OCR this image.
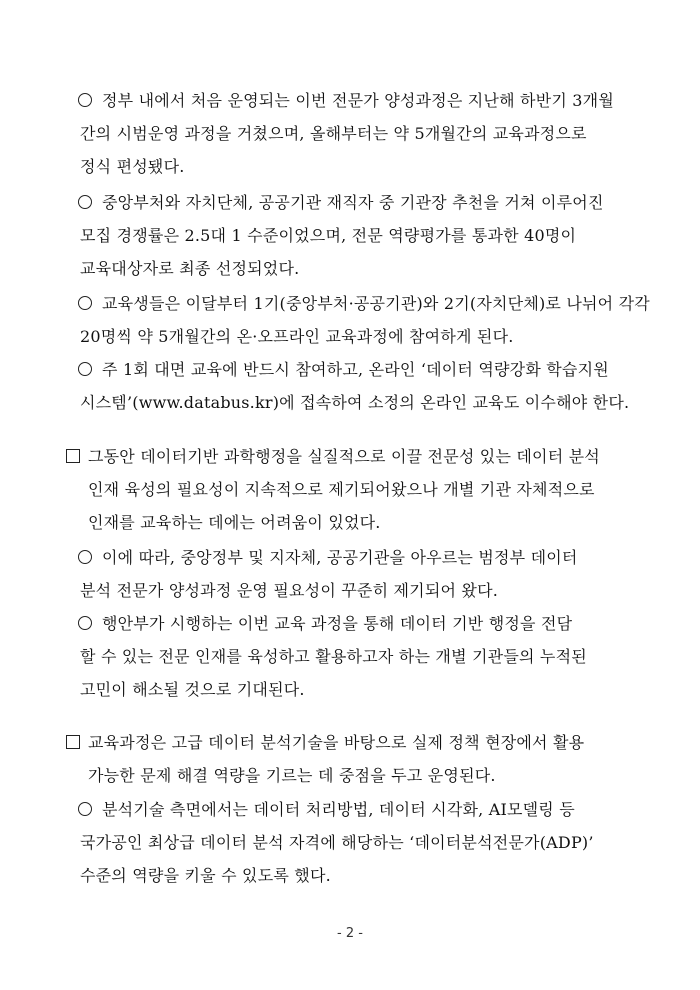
정부 내에서 처음 운영되는 이번 전문가 양성과정은 지난해 하반기 3개월
간의 시범운영 과정을 거쳤으며, 올해부터는 약 5개월간의 교육과정으로
정식 편성됐다.
중앙부처와 자치단체, 공공기관 재직자 중 기관장 추천을 거쳐 이루어진
모집 경쟁률은 2.5대 1 수준이었으며, 전문 역량평가를 통과한 40명이
교육대상자로 최종 선정되었다.
교육생들은 이달부터 1기(중앙부처·공공기관)와 2기(자치단체)로 나뉘어 각각
20명씩 약 5개월간의 온·오프라인 교육과정에 참여하게 된다.
주 1회 대면 교육에 반드시 참여하고, 온라인 ‘데이터 역량강화 학습지원
시스템’(www.databus.kr)에 접속하여 소정의 온라인 교육도 이수해야 한다.
그동안 데이터기반 과학행정을 실질적으로 이끌 전문성 있는 데이터 분석
인재 육성의 필요성이 지속적으로 제기되어왔으나 개별 기관 자체적으로
인재를 교육하는 데에는 어려움이 있었다.
이에 따라, 중앙정부 및 지자체, 공공기관을 아우르는 범정부 데이터
분석 전문가 양성과정 운영 필요성이 꾸준히 제기되어 왔다.
행안부가 시행하는 이번 교육 과정을 통해 데이터 기반 행정을 전담
할 수 있는 전문 인재를 육성하고 활용하고자 하는 개별 기관들의 누적된
고민이 해소될 것으로 기대된다.
교육과정은 고급 데이터 분석기술을 바탕으로 실제 정책 현장에서 활용
가능한 문제 해결 역량을 기르는 데 중점을 두고 운영된다.
분석기술 측면에서는 데이터 처리방법, 데이터 시각화, AI모델링 등
국가공인 최상급 데이터 분석 자격에 해당하는 ‘데이터분석전문가(ADP)’
수준의 역량을 키울 수 있도록 했다.
- 2 -
